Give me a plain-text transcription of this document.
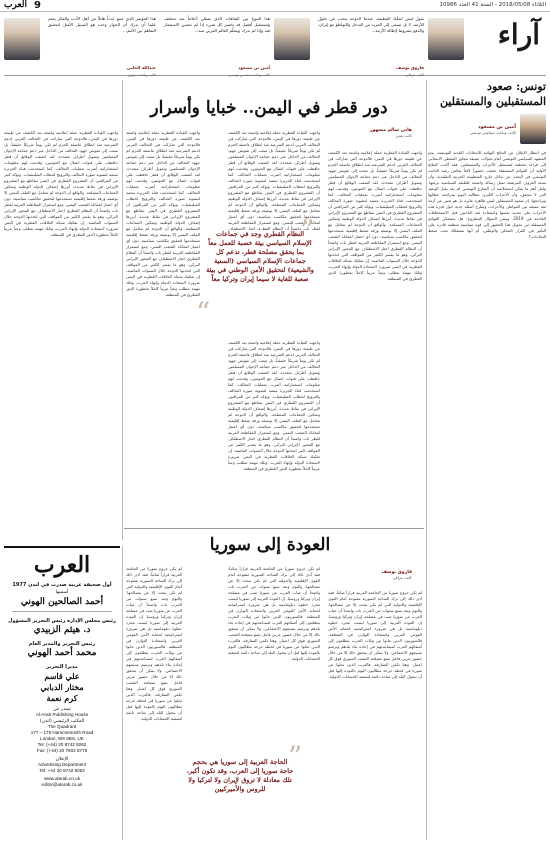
العرب 9	الثلاثاء 2018/05/08 - السنة 41 العدد 10986
آراء
تقول ليس لحقّك القطيعة، عندما الدوحة تبحث عن حلول للأزمة، لا بل تسعى إلى المزيد من التدخل والتواطؤ مع إيران، والدفع بشروط لإطالة الأزمة...
فاروق يوسف
كاتب عراقي
هذا التنوع بين الثقافات الذي يعطي أحلاماً بغد مختلف ومستقبل أفضل قد يخسر كل شيء إذا لم نحسن الاستثمار فيه وإذا لم ندرك ويتعلّم العالم العربي منه...
أمين بن مسعود
كاتب وباحث سياسي تونسي
هذا المؤتمر الذي جمع عدداً هائلاً من أهل الأدب والفكر يحتم علينا أن ندرك أن الحوار وحده هو السبيل الأمثل لتحقيق التفاهم بين الأمم...
عبدالله الحلبي
كاتب وباحث سوري
تونس: صعود
المستقبلين والمستقلين
أمين بن مسعود
كاتب وباحث سياسي تونسي
في انتظار الإعلان عن النتائج النهائية للانتخابات البلدية التونسية، يبدو المشهد السياسي التونسي أمام تحولات عميقة تتجاوز المعطى الانتخابي إلى قراءة مختلفة لمستقبل الأحزاب والمستقلين. فقد أكدت النتائج الأولية أن القوائم المستقلة حققت حضوراً لافتاً يعكس رغبة الناخب التونسي في البحث عن بدائل خارج المنظومة الحزبية التقليدية، وأن نسبة العزوف المرتفعة تمثل رسالة واضحة للطبقة السياسية برمتها. ولعل أهم ما يمكن استخلاصه أن الشارع التونسي لم يعد يقبل الوعود التي لا تتحقق، وأن الأحزاب الكبرى مطالبة اليوم بمراجعة خطابها وبرامجها. إن صعود المستقلين ليس ظاهرة عابرة بل هو تعبير عن أزمة ثقة عميقة بين المواطن والأحزاب، ويطرح أسئلة جدية حول قدرة هذه الأحزاب على تجديد نفسها واستعادة ثقة الناخبين قبل الاستحقاقات القادمة في 2019. ويبقى السؤال المطروح: هل ستتمكن القوائم المستقلة من تحويل هذا الحضور إلى قوة سياسية منظمة قادرة على التأثير في القرار المحلي والوطني، أم أنها ستتفكك تحت ضغط التجاذبات؟
دور قطر في اليمن.. خبايا وأسرار
هاني سالم مسهور
كاتب يمني
واجهت القيادة القطرية حملة إعلامية واسعة بعد الكشف عن طبيعة دورها في اليمن، فالدوحة التي شاركت في التحالف العربي لدعم الشرعية منذ انطلاق عاصفة الحزم لم تكن يوماً شريكاً حقيقياً، بل سعت إلى تقويض جهود التحالف من الداخل عبر دعم جماعة الإخوان المسلمين وتمويل أطراف متعددة. لقد كشفت الوقائع أن قطر حافظت على قنوات اتصال مع الحوثيين، وقدمت لهم معلومات استخباراتية أضرت بعمليات التحالف. كما استخدمت قناة الجزيرة منصة لتشويه صورة التحالف والترويج لخطاب الميليشيات. ويؤكد كثير من المراقبين أن المشروع القطري في اليمن يتقاطع مع المشروع الإيراني في نقاط عديدة، أبرزها إضعاف الدولة الوطنية وتمكين الجماعات المسلحة. والواقع أن الدوحة لم تتعامل مع الملف اليمني إلا بوصفه ورقة ضغط إقليمية تستخدمها لتحقيق مكاسب سياسية، دون أي اعتبار لمعاناة الشعب اليمني. ومع استمرار المقاطعة العربية لقطر بات واضحاً أن النظام القطري اختار الاصطفاف مع المحور الإيراني التركي، وهو ما يفسر الكثير من المواقف التي اتخذتها الدوحة خلال السنوات الماضية. إن تفكيك شبكة العلاقات القطرية في اليمن ضرورة لاستعادة الدولة وإنهاء الحرب، وتلك مهمة تتطلب وعياً عربياً كاملاً بخطورة الدور القطري في المنطقة.
واجهت القيادة القطرية حملة إعلامية واسعة بعد الكشف عن طبيعة دورها في اليمن، فالدوحة التي شاركت في التحالف العربي لدعم الشرعية منذ انطلاق عاصفة الحزم لم تكن يوماً شريكاً حقيقياً، بل سعت إلى تقويض جهود التحالف من الداخل عبر دعم جماعة الإخوان المسلمين وتمويل أطراف متعددة. لقد كشفت الوقائع أن قطر حافظت على قنوات اتصال مع الحوثيين، وقدمت لهم معلومات استخباراتية أضرت بعمليات التحالف. كما استخدمت قناة الجزيرة منصة لتشويه صورة التحالف والترويج لخطاب الميليشيات. ويؤكد كثير من المراقبين أن المشروع القطري في اليمن يتقاطع مع المشروع الإيراني في نقاط عديدة، أبرزها إضعاف الدولة الوطنية وتمكين الجماعات المسلحة. والواقع أن الدوحة لم تتعامل مع الملف اليمني إلا بوصفه ورقة ضغط إقليمية تستخدمها لتحقيق مكاسب سياسية، دون أي اعتبار لمعاناة الشعب اليمني. ومع استمرار المقاطعة العربية لقطر بات واضحاً أن النظام القطري اختار الاصطفاف	”
النظام القطري وجد في جماعات الإسلام السياسي بيئة خصبة للعمل معاً بما يحقق مصلحة قطر، تدعم كل جماعات الإسلام السياسي (السنية والشيعية) لتحقيق الأمن الوطني في بيئة صعبة للغاية لا سيما إيران وتركيا معاً
“
واجهت القيادة القطرية حملة إعلامية واسعة بعد الكشف عن طبيعة دورها في اليمن، فالدوحة التي شاركت في التحالف العربي لدعم الشرعية منذ انطلاق عاصفة الحزم لم تكن يوماً شريكاً حقيقياً، بل سعت إلى تقويض جهود التحالف من الداخل عبر دعم جماعة الإخوان المسلمين وتمويل أطراف متعددة. لقد كشفت الوقائع أن قطر حافظت على قنوات اتصال مع الحوثيين، وقدمت لهم معلومات استخباراتية أضرت بعمليات التحالف. كما استخدمت قناة الجزيرة منصة لتشويه صورة التحالف والترويج لخطاب الميليشيات. ويؤكد كثير من المراقبين أن المشروع القطري في اليمن يتقاطع مع المشروع الإيراني في نقاط عديدة، أبرزها إضعاف الدولة الوطنية وتمكين الجماعات المسلحة. والواقع أن الدوحة لم تتعامل مع الملف اليمني إلا بوصفه ورقة ضغط إقليمية تستخدمها لتحقيق مكاسب سياسية، دون أي اعتبار لمعاناة الشعب اليمني. ومع استمرار المقاطعة العربية لقطر بات واضحاً أن النظام القطري اختار الاصطفاف مع المحور الإيراني التركي، وهو ما يفسر الكثير من المواقف التي اتخذتها الدوحة خلال السنوات الماضية. إن تفكيك شبكة العلاقات القطرية في اليمن ضرورة لاستعادة الدولة وإنهاء الحرب، وتلك مهمة تتطلب وعياً عربياً كاملاً بخطورة الدور القطري في المنطقة.
واجهت القيادة القطرية حملة إعلامية واسعة بعد الكشف عن طبيعة دورها في اليمن، فالدوحة التي شاركت في التحالف العربي لدعم الشرعية منذ انطلاق عاصفة الحزم لم تكن يوماً شريكاً حقيقياً، بل سعت إلى تقويض جهود التحالف من الداخل عبر دعم جماعة الإخوان المسلمين وتمويل أطراف متعددة. لقد كشفت الوقائع أن قطر حافظت على قنوات اتصال مع الحوثيين، وقدمت لهم معلومات استخباراتية أضرت بعمليات التحالف. كما استخدمت قناة الجزيرة منصة لتشويه صورة التحالف والترويج لخطاب الميليشيات. ويؤكد كثير من المراقبين أن المشروع القطري في اليمن يتقاطع مع المشروع الإيراني في نقاط عديدة، أبرزها إضعاف الدولة الوطنية وتمكين الجماعات المسلحة. والواقع أن الدوحة لم تتعامل مع الملف اليمني إلا بوصفه ورقة ضغط إقليمية تستخدمها لتحقيق مكاسب سياسية، دون أي اعتبار لمعاناة الشعب اليمني. ومع استمرار المقاطعة العربية لقطر بات واضحاً أن النظام القطري اختار الاصطفاف مع المحور الإيراني التركي، وهو ما يفسر الكثير من المواقف التي اتخذتها الدوحة خلال السنوات الماضية. إن تفكيك شبكة العلاقات القطرية في اليمن ضرورة لاستعادة الدولة وإنهاء الحرب، وتلك مهمة تتطلب وعياً عربياً كاملاً بخطورة الدور القطري في المنطقة.
واجهت القيادة القطرية حملة إعلامية واسعة بعد الكشف عن طبيعة دورها في اليمن، فالدوحة التي شاركت في التحالف العربي لدعم الشرعية منذ انطلاق عاصفة الحزم لم تكن يوماً شريكاً حقيقياً، بل سعت إلى تقويض جهود التحالف من الداخل عبر دعم جماعة الإخوان المسلمين وتمويل أطراف متعددة. لقد كشفت الوقائع أن قطر حافظت على قنوات اتصال مع الحوثيين، وقدمت لهم معلومات استخباراتية أضرت بعمليات التحالف. كما استخدمت قناة الجزيرة منصة لتشويه صورة التحالف والترويج لخطاب الميليشيات. ويؤكد كثير من المراقبين أن المشروع القطري في اليمن يتقاطع مع المشروع الإيراني في نقاط عديدة، أبرزها إضعاف الدولة الوطنية وتمكين الجماعات المسلحة. والواقع أن الدوحة لم تتعامل مع الملف اليمني إلا بوصفه ورقة ضغط إقليمية تستخدمها لتحقيق مكاسب سياسية، دون أي اعتبار لمعاناة الشعب اليمني. ومع استمرار المقاطعة العربية لقطر بات واضحاً أن النظام القطري اختار الاصطفاف مع المحور الإيراني التركي، وهو ما يفسر الكثير من المواقف التي اتخذتها الدوحة خلال السنوات الماضية. إن تفكيك شبكة العلاقات القطرية في اليمن ضرورة لاستعادة الدولة وإنهاء الحرب، وتلك مهمة تتطلب وعياً عربياً كاملاً بخطورة الدور القطري في المنطقة.
العودة إلى سوريا
فاروق يوسف
كاتب عراقي
لم يكن خروج سوريا من الجامعة العربية قراراً صائباً، فقد أدى ذلك إلى ترك الساحة السورية مفتوحة أمام القوى الإقليمية والدولية التي لم تكن تبحث إلا عن مصالحها. واليوم وبعد سبع سنوات من الحرب بات واضحاً أن غياب العرب عن سوريا صب في مصلحة إيران وتركيا وروسيا. إن العودة العربية إلى سوريا ليست مجرد خطوة دبلوماسية بل هي ضرورة استراتيجية لحماية الأمن القومي العربي واستعادة التوازن في المنطقة. فالسوريون الذين عانوا من ويلات الحرب يتطلعون إلى أشقائهم العرب لمساعدتهم في إعادة بناء بلدهم وترميم نسيجهم الاجتماعي. ولا يمكن أن يتحقق ذلك إلا من خلال حضور عربي فاعل يضع مصلحة الشعب السوري فوق كل اعتبار. وهنا تكمن المفارقة، فالعرب الذين تخلوا عن سوريا في لحظة حرجة مطالبون اليوم بالعودة إليها قبل أن يتحول البلد إلى ساحة دائمة لتصفية الحسابات الدولية.
لم يكن خروج سوريا من الجامعة العربية قراراً صائباً، فقد أدى ذلك إلى ترك الساحة السورية مفتوحة أمام القوى الإقليمية والدولية التي لم تكن تبحث إلا عن مصالحها. واليوم وبعد سبع سنوات من الحرب بات واضحاً أن غياب العرب عن سوريا صب في مصلحة إيران وتركيا وروسيا. إن العودة العربية إلى سوريا ليست مجرد خطوة دبلوماسية بل هي ضرورة استراتيجية لحماية الأمن القومي العربي واستعادة التوازن في المنطقة. فالسوريون الذين عانوا من ويلات الحرب يتطلعون إلى أشقائهم العرب لمساعدتهم في إعادة بناء بلدهم وترميم نسيجهم الاجتماعي. ولا يمكن أن يتحقق ذلك إلا من خلال حضور عربي فاعل يضع مصلحة الشعب السوري فوق كل اعتبار. وهنا تكمن المفارقة، فالعرب الذين تخلوا عن سوريا في لحظة حرجة مطالبون اليوم بالعودة إليها قبل أن يتحول البلد إلى ساحة دائمة لتصفية الحسابات الدولية.
”
الحاجة العربية إلى سوريا هي بحجم حاجة سوريا إلى العرب، وقد تكون أكبر، تلك معادلة لا تروق لإيران ولا لتركيا ولا للروس والأميركيين
لم يكن خروج سوريا من الجامعة العربية قراراً صائباً، فقد أدى ذلك إلى ترك الساحة السورية مفتوحة أمام القوى الإقليمية والدولية التي لم تكن تبحث إلا عن مصالحها. واليوم وبعد سبع سنوات من الحرب بات واضحاً أن غياب العرب عن سوريا صب في مصلحة إيران وتركيا وروسيا. إن العودة العربية إلى سوريا ليست مجرد خطوة دبلوماسية بل هي ضرورة استراتيجية لحماية الأمن القومي العربي واستعادة التوازن في المنطقة. فالسوريون الذين عانوا من ويلات الحرب يتطلعون إلى أشقائهم العرب لمساعدتهم في إعادة بناء بلدهم وترميم نسيجهم الاجتماعي. ولا يمكن أن يتحقق ذلك إلا من خلال حضور عربي فاعل يضع مصلحة الشعب السوري فوق كل اعتبار. وهنا تكمن المفارقة، فالعرب الذين تخلوا عن سوريا في لحظة حرجة مطالبون اليوم بالعودة إليها قبل أن يتحول البلد إلى ساحة دائمة لتصفية الحسابات الدولية.
العرب
أول صحيفة عربية صدرت في لندن 1977
أسسها
أحمد الصالحين الهوني
رئيس مجلس الإدارة رئيس التحرير المسؤول
د. هيثم الزبيدي
رئيس التحرير والمدير العام
محمد أحمد الهوني
مديرا التحرير
علي قاسم
مختار الدبابي
كرم نعمة
تصدر عن
Al-Arab Publishing House
المكتب الرئيسي (لندن)
The Quadrant
177 – 179 Hammersmith Road
London, W6 8BS, UK
Tel: (+44) 20 8742 9262
Fax: (+44) 20 7602 8778
الإعلان
Advertising Department
Tel: +44 20 8742 9262
www.alarab.co.uk
editor@alarab.co.uk
